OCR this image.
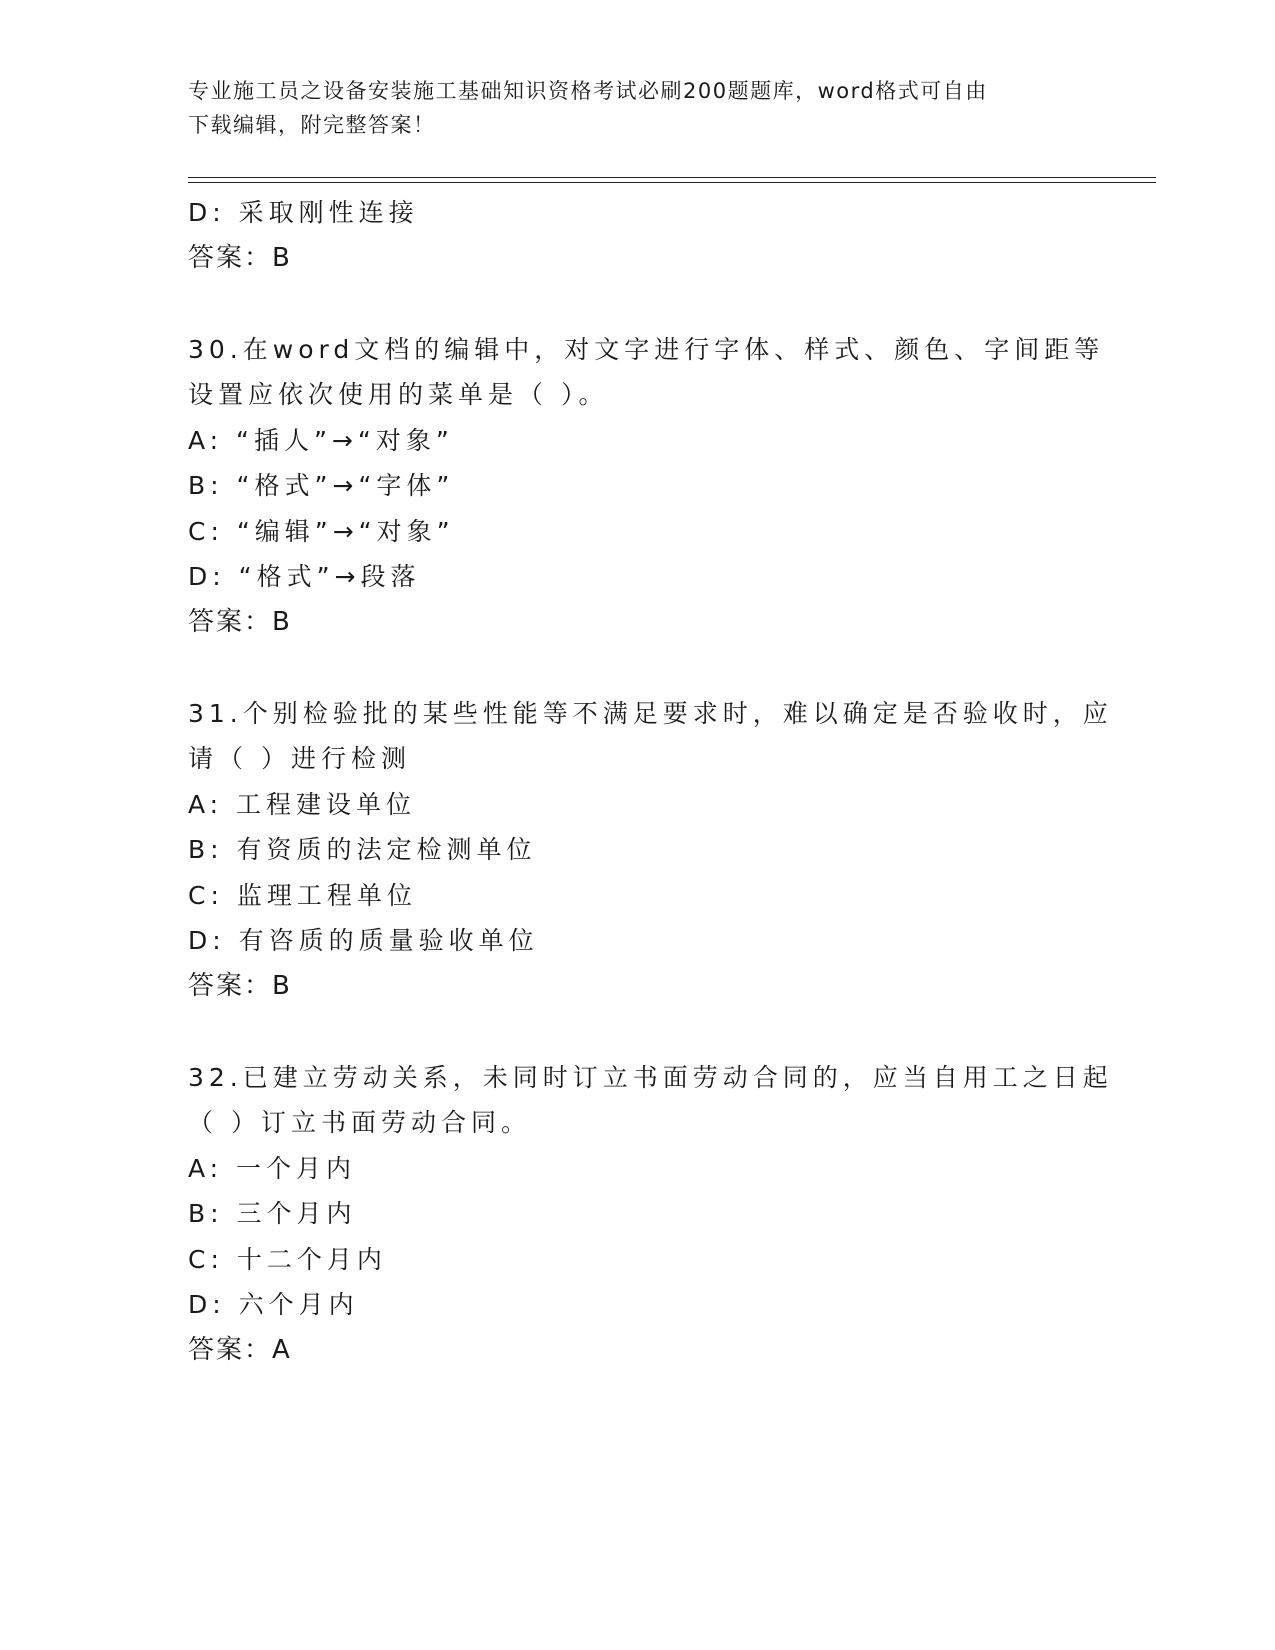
专业施工员之设备安装施工基础知识资格考试必刷200题题库，word格式可自由
下载编辑，附完整答案！
D: 采取刚性连接
答案：B
30.在word文档的编辑中，对文字进行字体、样式、颜色、字间距等
设置应依次使用的菜单是（ ）。
A: “插人”→“对象”
B: “格式”→“字体”
C: “编辑”→“对象”
D: “格式”→段落
答案：B
31.个别检验批的某些性能等不满足要求时，难以确定是否验收时，应
请（ ）进行检测
A: 工程建设单位
B: 有资质的法定检测单位
C: 监理工程单位
D: 有咨质的质量验收单位
答案：B
32.已建立劳动关系，未同时订立书面劳动合同的，应当自用工之日起
（ ）订立书面劳动合同。
A: 一个月内
B: 三个月内
C: 十二个月内
D: 六个月内
答案：A
